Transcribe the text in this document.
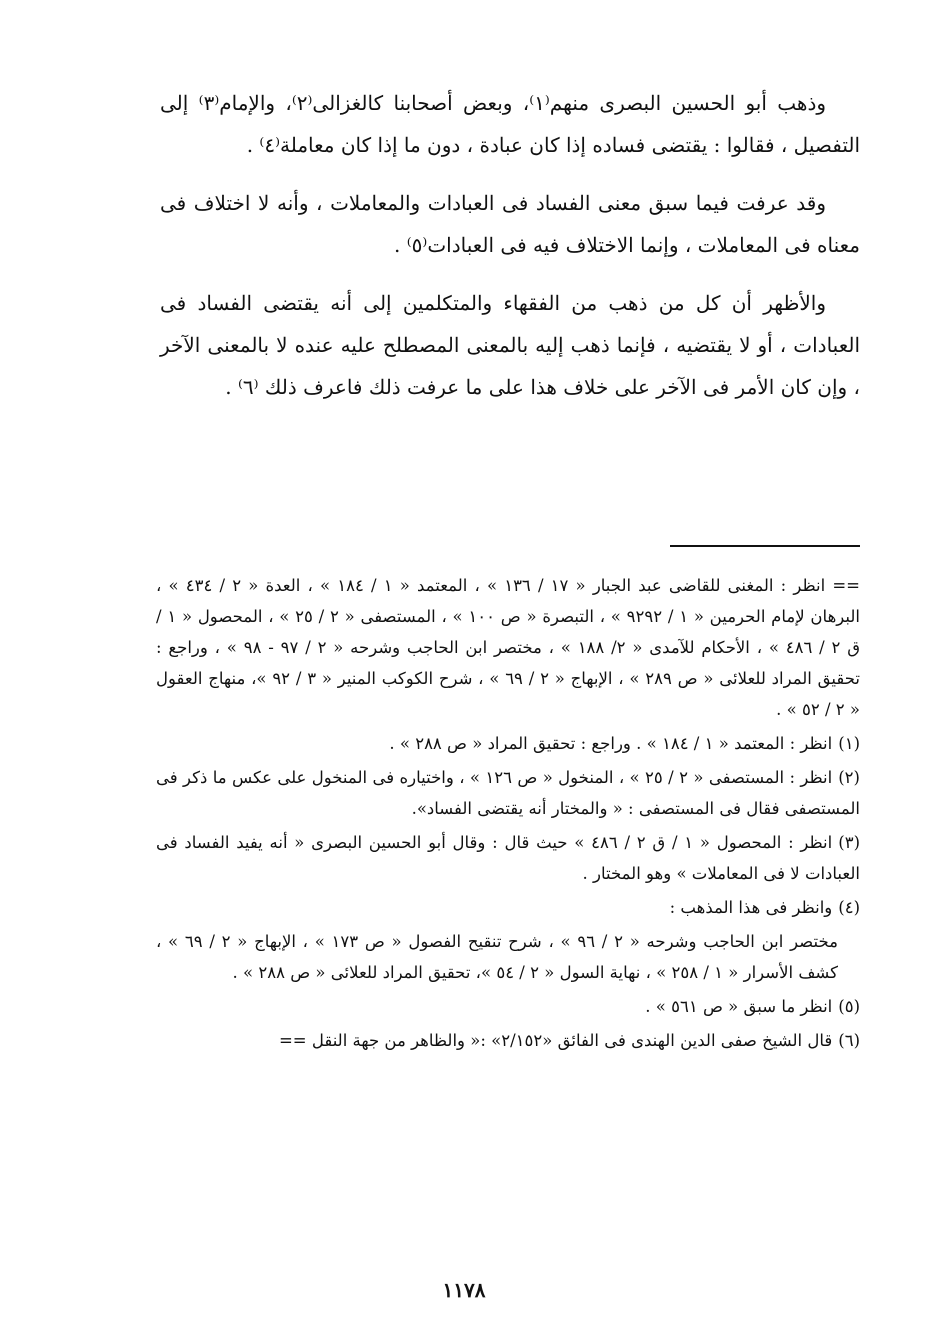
وذهب أبو الحسين البصرى منهم⁽١⁾، وبعض أصحابنا كالغزالى⁽٢⁾، والإمام⁽٣⁾ إلى التفصيل ، فقالوا : يقتضى فساده إذا كان عبادة ، دون ما إذا كان معاملة⁽٤⁾ .

وقد عرفت فيما سبق معنى الفساد فى العبادات والمعاملات ، وأنه لا اختلاف فى معناه فى المعاملات ، وإنما الاختلاف فيه فى العبادات⁽٥⁾ .

والأظهر أن كل من ذهب من الفقهاء والمتكلمين إلى أنه يقتضى الفساد فى العبادات ، أو لا يقتضيه ، فإنما ذهب إليه بالمعنى المصطلح عليه عنده لا بالمعنى الآخر ، وإن كان الأمر فى الآخر على خلاف هذا على ما عرفت ذلك فاعرف ذلك ⁽٦⁾ .

== انظر : المغنى للقاضى عبد الجبار « ١٧ / ١٣٦ » ، المعتمد « ١ / ١٨٤ » ، العدة « ٢ / ٤٣٤ » ، البرهان لإمام الحرمين « ١ / ٩٢٩٢ » ، التبصرة « ص ١٠٠ » ، المستصفى « ٢ / ٢٥ » ، المحصول « ١ / ق ٢ / ٤٨٦ » ، الأحكام للآمدى « ٢/ ١٨٨ » ، مختصر ابن الحاجب وشرحه « ٢ / ٩٧ - ٩٨ » ، وراجع : تحقيق المراد للعلائى « ص ٢٨٩ » ، الإبهاج « ٢ / ٦٩ » ، شرح الكوكب المنير « ٣ / ٩٢ »، منهاج العقول « ٢ / ٥٢ » .

(١)انظر : المعتمد « ١ / ١٨٤ » . وراجع : تحقيق المراد « ص ٢٨٨ » .

(٢)انظر : المستصفى « ٢ / ٢٥ » ، المنخول « ص ١٢٦ » ، واختياره فى المنخول على عكس ما ذكر فى المستصفى فقال فى المستصفى : « والمختار أنه يقتضى الفساد».

(٣)انظر : المحصول « ١ / ق ٢ / ٤٨٦ » حيث قال : وقال أبو الحسين البصرى « أنه يفيد الفساد فى العبادات لا فى المعاملات » وهو المختار .

(٤)وانظر فى هذا المذهب :

مختصر ابن الحاجب وشرحه « ٢ / ٩٦ » ، شرح تنقيح الفصول « ص ١٧٣ » ، الإبهاج « ٢ / ٦٩ » ، كشف الأسرار « ١ / ٢٥٨ » ، نهاية السول « ٢ / ٥٤ »، تحقيق المراد للعلائى « ص ٢٨٨ » .

(٥)انظر ما سبق « ص ٥٦١ » .

(٦)قال الشيخ صفى الدين الهندى فى الفائق «٢/١٥٢» :« والظاهر من جهة النقل ==

١١٧٨
